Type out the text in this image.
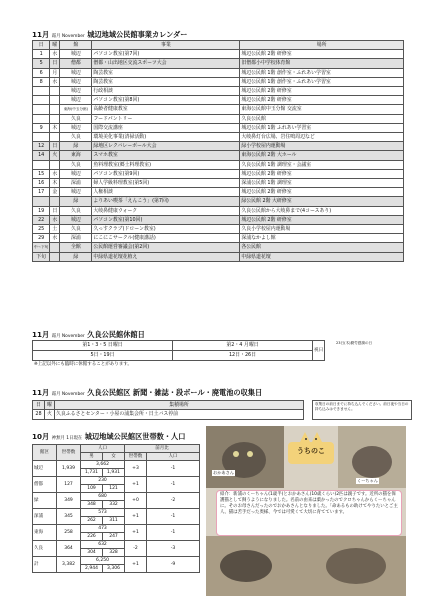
11月 霜月 November 城辺地域公民館事業カレンダー
日	曜	館	事業	場所
1	水	城辺	パソコン教室(第7回)	城辺公民館 2階 研修室
5	日	僧都	僧都・山出地区交流スポーツ大会	旧僧都小中学校体育館
6	月	城辺	陶芸教室	城辺公民館 1階 創作室・ふれあい学習室
8	水	城辺	陶芸教室	城辺公民館 1階 創作室・ふれあい学習室
		城辺	行政相談	城辺公民館 2階 研修室
		城辺	パソコン教室(第8回)	城辺公民館 2階 研修室
		東海(中玉分館)	高齢者健康教室	東海公民館中玉分館 交流室
		久良	フードパントリー	久良公民館
9	木	城辺	国際交流講座	城辺公民館 1階 ふれあい学習室
		久良	環境美化事業(清掃活動)	大岐鼻灯台広場、岩住鳴周辺など
12	日	緑	緑地区レクバレーボール大会	緑小学校屋内運動場
14	火	東海	スマホ教室	東海公民館 2階 大ホール
		久良	魚料理教室(郷土料理教室)	久良公民館 1階 調理室・会議室
15	水	城辺	パソコン教室(第9回)	城辺公民館 2階 研修室
16	木	深浦	婦人学級料理教室(第5回)	深浦公民館 1階 調理室
17	金	城辺	人権相談	城辺公民館 2階 研修室
		緑	よりあい喫茶「えんこう」(第7回)	緑公民館 2階 大研修室
19	日	久良	大岐鼻健康ウォーク	久良公民館から大岐鼻まで(4コースあり)
22	水	城辺	パソコン教室(第10回)	城辺公民館 2階 研修室
25	土	久良	久っすクラブ(ドローン教室)	久良小学校屋内運動場
29	水	深浦	にこにこサークル(健康講話)	深浦なかよし館
中～下旬		全館	公民館運営審議会(第2回)	各公民館
下旬		緑	中緑県道花壇花植え	中緑県道花壇
11月 霜月 November 久良公民館休館日
第1・3・5 日曜日	第2・4 月曜日	祝日	
5日・19日	12日・26日		
23日(木)勤労感謝の日
※上記以外にも臨時に休館することがあります。
11月 霜月 November 久良公民館区 新聞・雑誌・段ボール・廃電池の収集日
日	曜	集積場所
28	火	久良ふるさとセンター・小屋の浦集会所・日土バス停前
収集日の前日までに持ち込んでください。前日夜や当日の持ち込みはできません。
10月 神無月 1日現在 城辺地域公民館区世帯数・人口
館区	世帯数	人口		前月比	
		男	女	世帯数	人口
城辺	1,939	3,662		+3	-1
		1,731	1,931		
僧都	127	230		+1	-1
		109	121		
緑	349	680		+0	-2
		348	332		
深浦	345	573		+1	-1
		262	311		
東海	258	473		+1	-1
		226	247		
久良	364	632		-2	-3
		304	328		
計	3,382	6,250		+1	-9
		2,944	3,306		
おかあさん
くーちゃん
うちのこ
紹介：新浦のくーちゃん(1歳半)とおかあさん(10歳くらい)2匹は親子です。近所の猫を保護猫として飼うようになりました。名前の由来は菓かったのでクロちゃんからくーちゃんに。そのお母さんだったのでおかあさんとなりました。「命あるもの助けてやりたいとご主人、猫は苦手だった奥様、今では可愛くて大切に育てています。
